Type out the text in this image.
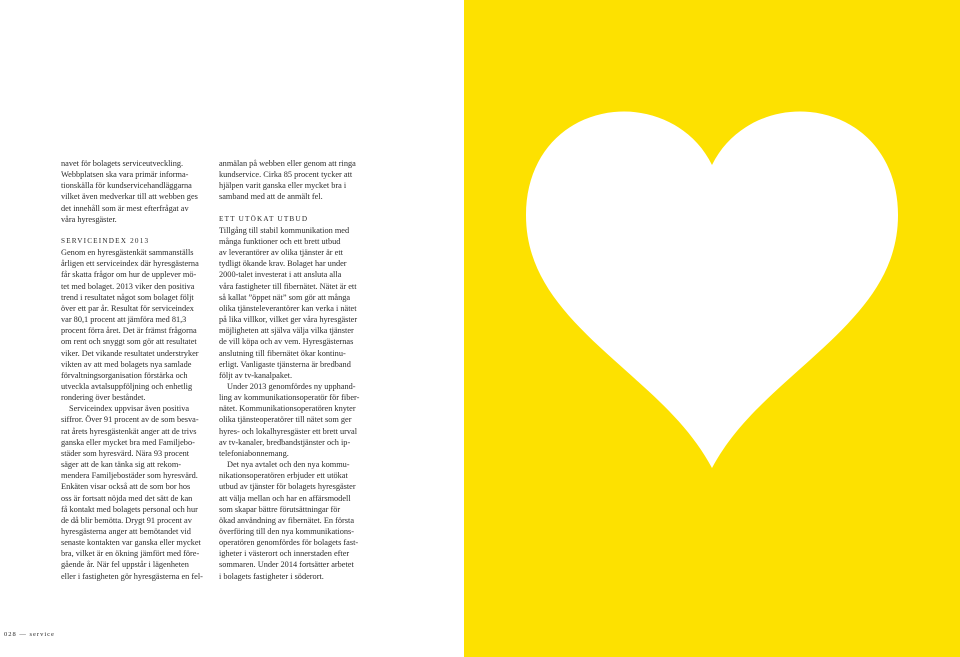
navet för bolagets serviceutveckling.
Webbplatsen ska vara primär informa-
tionskälla för kundservicehandläggarna
vilket även medverkar till att webben ges
det innehåll som är mest efterfrågat av
våra hyresgäster.

SERVICEINDEX 2013

Genom en hyresgästenkät sammanställs
årligen ett serviceindex där hyresgästerna
får skatta frågor om hur de upplever mö-
tet med bolaget. 2013 viker den positiva
trend i resultatet något som bolaget följt
över ett par år. Resultat för serviceindex
var 80,1 procent att jämföra med 81,3
procent förra året. Det är främst frågorna
om rent och snyggt som gör att resultatet
viker. Det vikande resultatet understryker
vikten av att med bolagets nya samlade
förvaltningsorganisation förstärka och
utveckla avtalsuppföljning och enhetlig
rondering över beståndet.

Serviceindex uppvisar även positiva
siffror. Över 91 procent av de som besva-
rat årets hyresgästenkät anger att de trivs
ganska eller mycket bra med Familjebo-
städer som hyresvärd. Nära 93 procent
säger att de kan tänka sig att rekom-
mendera Familjebostäder som hyresvärd.
Enkäten visar också att de som bor hos
oss är fortsatt nöjda med det sätt de kan
få kontakt med bolagets personal och hur
de då blir bemötta. Drygt 91 procent av
hyresgästerna anger att bemötandet vid
senaste kontakten var ganska eller mycket
bra, vilket är en ökning jämfört med före-
gående år. När fel uppstår i lägenheten
eller i fastigheten gör hyresgästerna en fel-

anmälan på webben eller genom att ringa
kundservice. Cirka 85 procent tycker att
hjälpen varit ganska eller mycket bra i
samband med att de anmält fel.

ETT UTÖKAT UTBUD

Tillgång till stabil kommunikation med
många funktioner och ett brett utbud
av leverantörer av olika tjänster är ett
tydligt ökande krav. Bolaget har under
2000-talet investerat i att ansluta alla
våra fastigheter till fibernätet. Nätet är ett
så kallat ”öppet nät” som gör att många
olika tjänsteleverantörer kan verka i nätet
på lika villkor, vilket ger våra hyresgäster
möjligheten att själva välja vilka tjänster
de vill köpa och av vem. Hyresgästernas
anslutning till fibernätet ökar kontinu-
erligt. Vanligaste tjänsterna är bredband
följt av tv-kanalpaket.

Under 2013 genomfördes ny upphand-
ling av kommunikationsoperatör för fiber-
nätet. Kommunikationsoperatören knyter
olika tjänsteoperatörer till nätet som ger
hyres- och lokalhyresgäster ett brett urval
av tv-kanaler, bredbandstjänster och ip-
telefoniabonnemang.

Det nya avtalet och den nya kommu-
nikationsoperatören erbjuder ett utökat
utbud av tjänster för bolagets hyresgäster
att välja mellan och har en affärsmodell
som skapar bättre förutsättningar för
ökad användning av fibernätet. En första
överföring till den nya kommunikations-
operatören genomfördes för bolagets fast-
igheter i västerort och innerstaden efter
sommaren. Under 2014 fortsätter arbetet
i bolagets fastigheter i söderort.

028 — service
